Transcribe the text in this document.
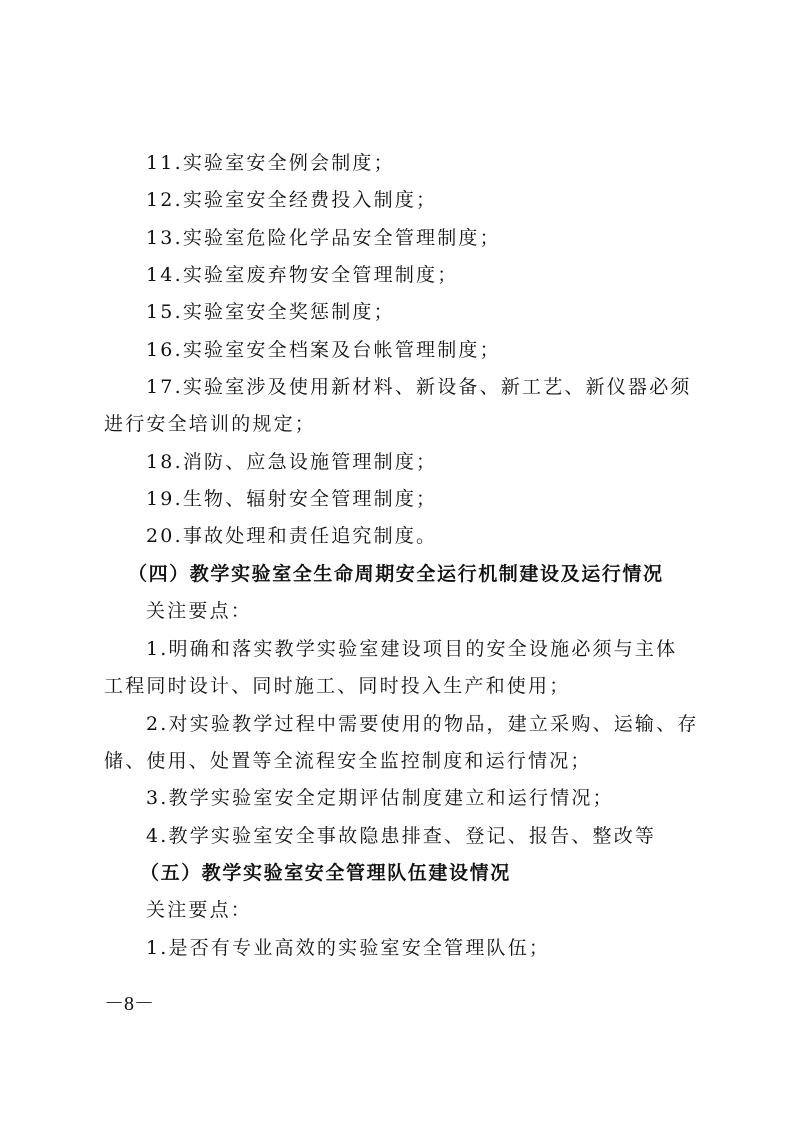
11.实验室安全例会制度；
12.实验室安全经费投入制度；
13.实验室危险化学品安全管理制度；
14.实验室废弃物安全管理制度；
15.实验室安全奖惩制度；
16.实验室安全档案及台帐管理制度；
17.实验室涉及使用新材料、新设备、新工艺、新仪器必须
进行安全培训的规定；
18.消防、应急设施管理制度；
19.生物、辐射安全管理制度；
20.事故处理和责任追究制度。
（四）教学实验室全生命周期安全运行机制建设及运行情况
关注要点：
1.明确和落实教学实验室建设项目的安全设施必须与主体
工程同时设计、同时施工、同时投入生产和使用；
2.对实验教学过程中需要使用的物品，建立采购、运输、存
储、使用、处置等全流程安全监控制度和运行情况；
3.教学实验室安全定期评估制度建立和运行情况；
4.教学实验室安全事故隐患排查、登记、报告、整改等
（五）教学实验室安全管理队伍建设情况
关注要点：
1.是否有专业高效的实验室安全管理队伍；
－8－
